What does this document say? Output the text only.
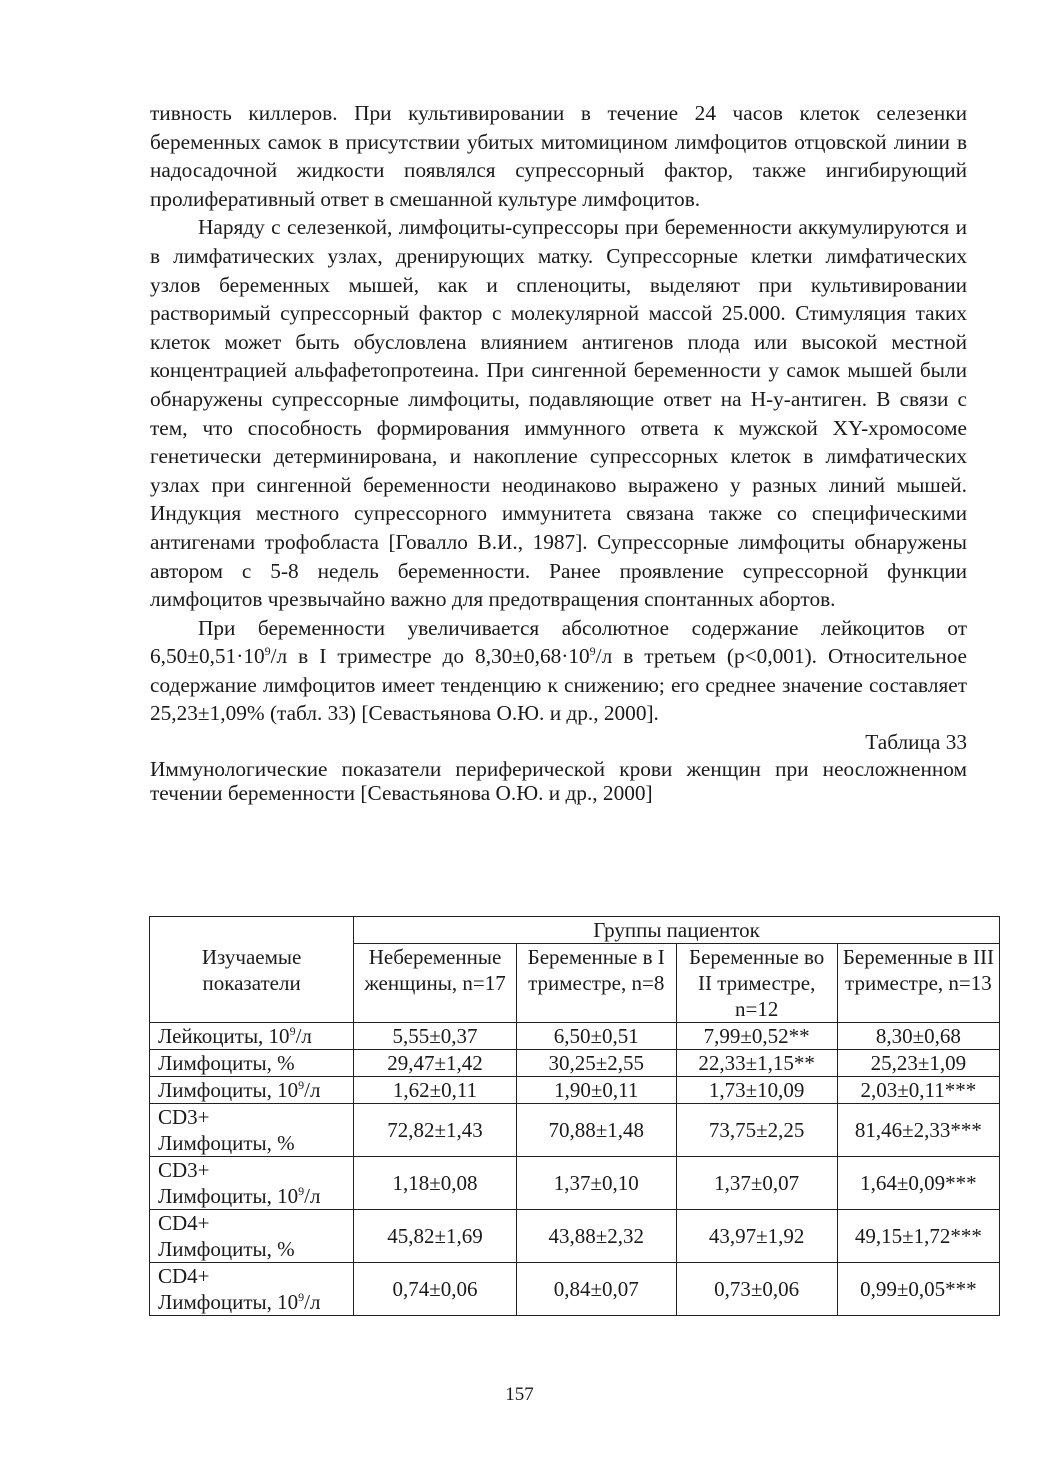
тивность киллеров. При культивировании в течение 24 часов клеток селезенки беременных самок в присутствии убитых митомицином лимфоцитов отцовской линии в надосадочной жидкости появлялся супрессорный фактор, также ингибирующий пролиферативный ответ в смешанной культуре лимфоцитов.

Наряду с селезенкой, лимфоциты-супрессоры при беременности аккумулируются и в лимфатических узлах, дренирующих матку. Супрессорные клетки лимфатических узлов беременных мышей, как и спленоциты, выделяют при культивировании растворимый супрессорный фактор с молекулярной массой 25.000. Стимуляция таких клеток может быть обусловлена влиянием антигенов плода или высокой местной концентрацией альфафетопротеина. При сингенной беременности у самок мышей были обнаружены супрессорные лимфоциты, подавляющие ответ на Н-у-антиген. В связи с тем, что способность формирования иммунного ответа к мужской XY-хромосоме генетически детерминирована, и накопление супрессорных клеток в лимфатических узлах при сингенной беременности неодинаково выражено у разных линий мышей. Индукция местного супрессорного иммунитета связана также со специфическими антигенами трофобласта [Говалло В.И., 1987]. Супрессорные лимфоциты обнаружены автором с 5-8 недель беременности. Ранее проявление супрессорной функции лимфоцитов чрезвычайно важно для предотвращения спонтанных абортов.

При беременности увеличивается абсолютное содержание лейкоцитов от $6,50\pm 0,51\cdot 10^9/л$ в I триместре до $8,30\pm 0,68\cdot 10^9/л$ в третьем (р<0,001). Относительное содержание лимфоцитов имеет тенденцию к снижению; его среднее значение составляет 25,23±1,09% (табл. 33) [Севастьянова О.Ю. и др., 2000].

Таблица 33

Иммунологические показатели периферической крови женщин при неосложненном течении беременности [Севастьянова О.Ю. и др., 2000]

Изучаемые показатели	Группы пациенток			
	Небеременные женщины, n=17	Беременные в I триместре, n=8	Беременные во II триместре, n=12	Беременные в III триместре, n=13
Лейкоциты, $10^9/л$	5,55±0,37	6,50±0,51	7,99±0,52**	8,30±0,68
Лимфоциты, %	29,47±1,42	30,25±2,55	22,33±1,15**	25,23±1,09
Лимфоциты, $10^9/л$	1,62±0,11	1,90±0,11	1,73±10,09	2,03±0,11***
CD3+
Лимфоциты, %	72,82±1,43	70,88±1,48	73,75±2,25	81,46±2,33***
CD3+
Лимфоциты, $10^9/л$	1,18±0,08	1,37±0,10	1,37±0,07	1,64±0,09***
CD4+
Лимфоциты, %	45,82±1,69	43,88±2,32	43,97±1,92	49,15±1,72***
CD4+
Лимфоциты, $10^9/л$	0,74±0,06	0,84±0,07	0,73±0,06	0,99±0,05***
157
